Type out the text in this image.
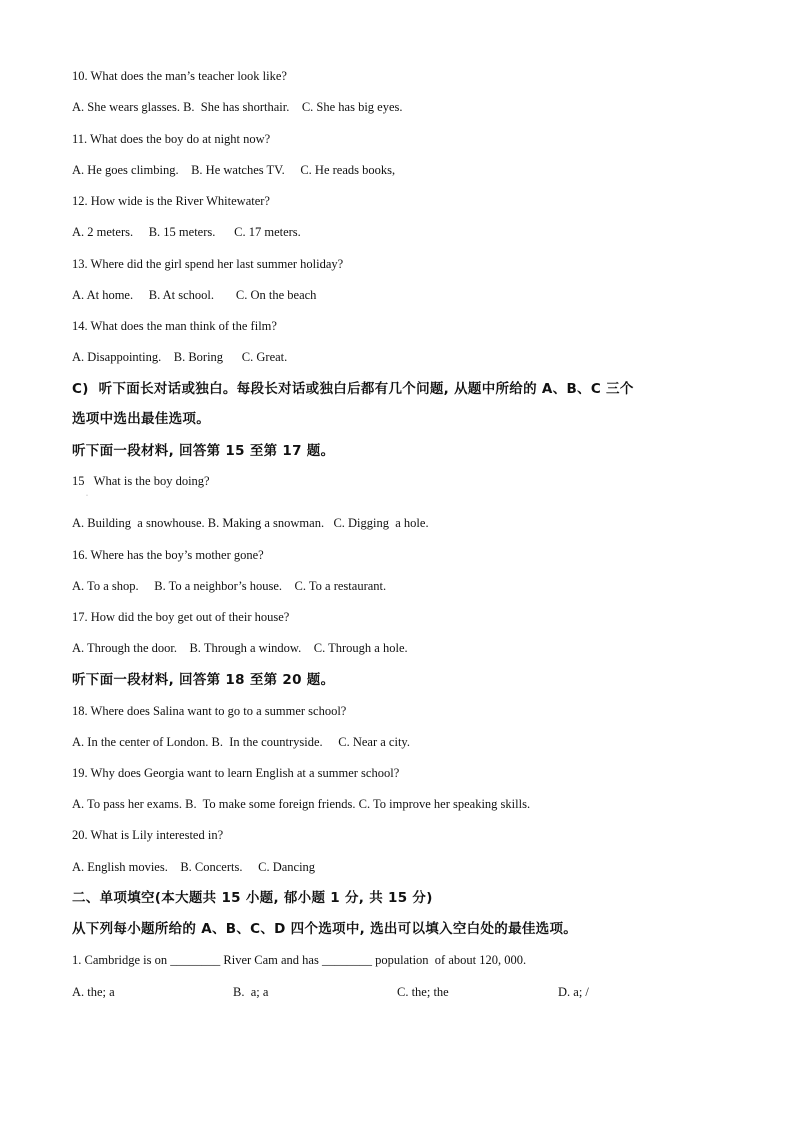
10. What does the man’s teacher look like?
A. She wears glasses. B.  She has shorthair.    C. She has big eyes.
11. What does the boy do at night now?
A. He goes climbing.    B. He watches TV.     C. He reads books,
12. How wide is the River Whitewater?
A. 2 meters.     B. 15 meters.      C. 17 meters.
13. Where did the girl spend her last summer holiday?
A. At home.     B. At school.       C. On the beach
14. What does the man think of the film?
A. Disappointing.    B. Boring      C. Great.
C)  听下面长对话或独白。每段长对话或独白后都有几个问题, 从题中所给的 A、B、C 三个
选项中选出最佳选项。
听下面一段材料, 回答第 15 至第 17 题。
15   What is the boy doing?
·
A. Building  a snowhouse. B. Making a snowman.   C. Digging  a hole.
16. Where has the boy’s mother gone?
A. To a shop.     B. To a neighbor’s house.    C. To a restaurant.
17. How did the boy get out of their house?
A. Through the door.    B. Through a window.    C. Through a hole.
听下面一段材料, 回答第 18 至第 20 题。
18. Where does Salina want to go to a summer school?
A. In the center of London. B.  In the countryside.     C. Near a city.
19. Why does Georgia want to learn English at a summer school?
A. To pass her exams. B.  To make some foreign friends. C. To improve her speaking skills.
20. What is Lily interested in?
A. English movies.    B. Concerts.     C. Dancing
二、单项填空(本大题共 15 小题, 郁小题 1 分, 共 15 分)
从下列每小题所给的 A、B、C、D 四个选项中, 选出可以填入空白处的最佳选项。
1. Cambridge is on ________ River Cam and has ________ population  of about 120, 000.
A. the; a	B.  a; a	C. the; the	D. a; /
